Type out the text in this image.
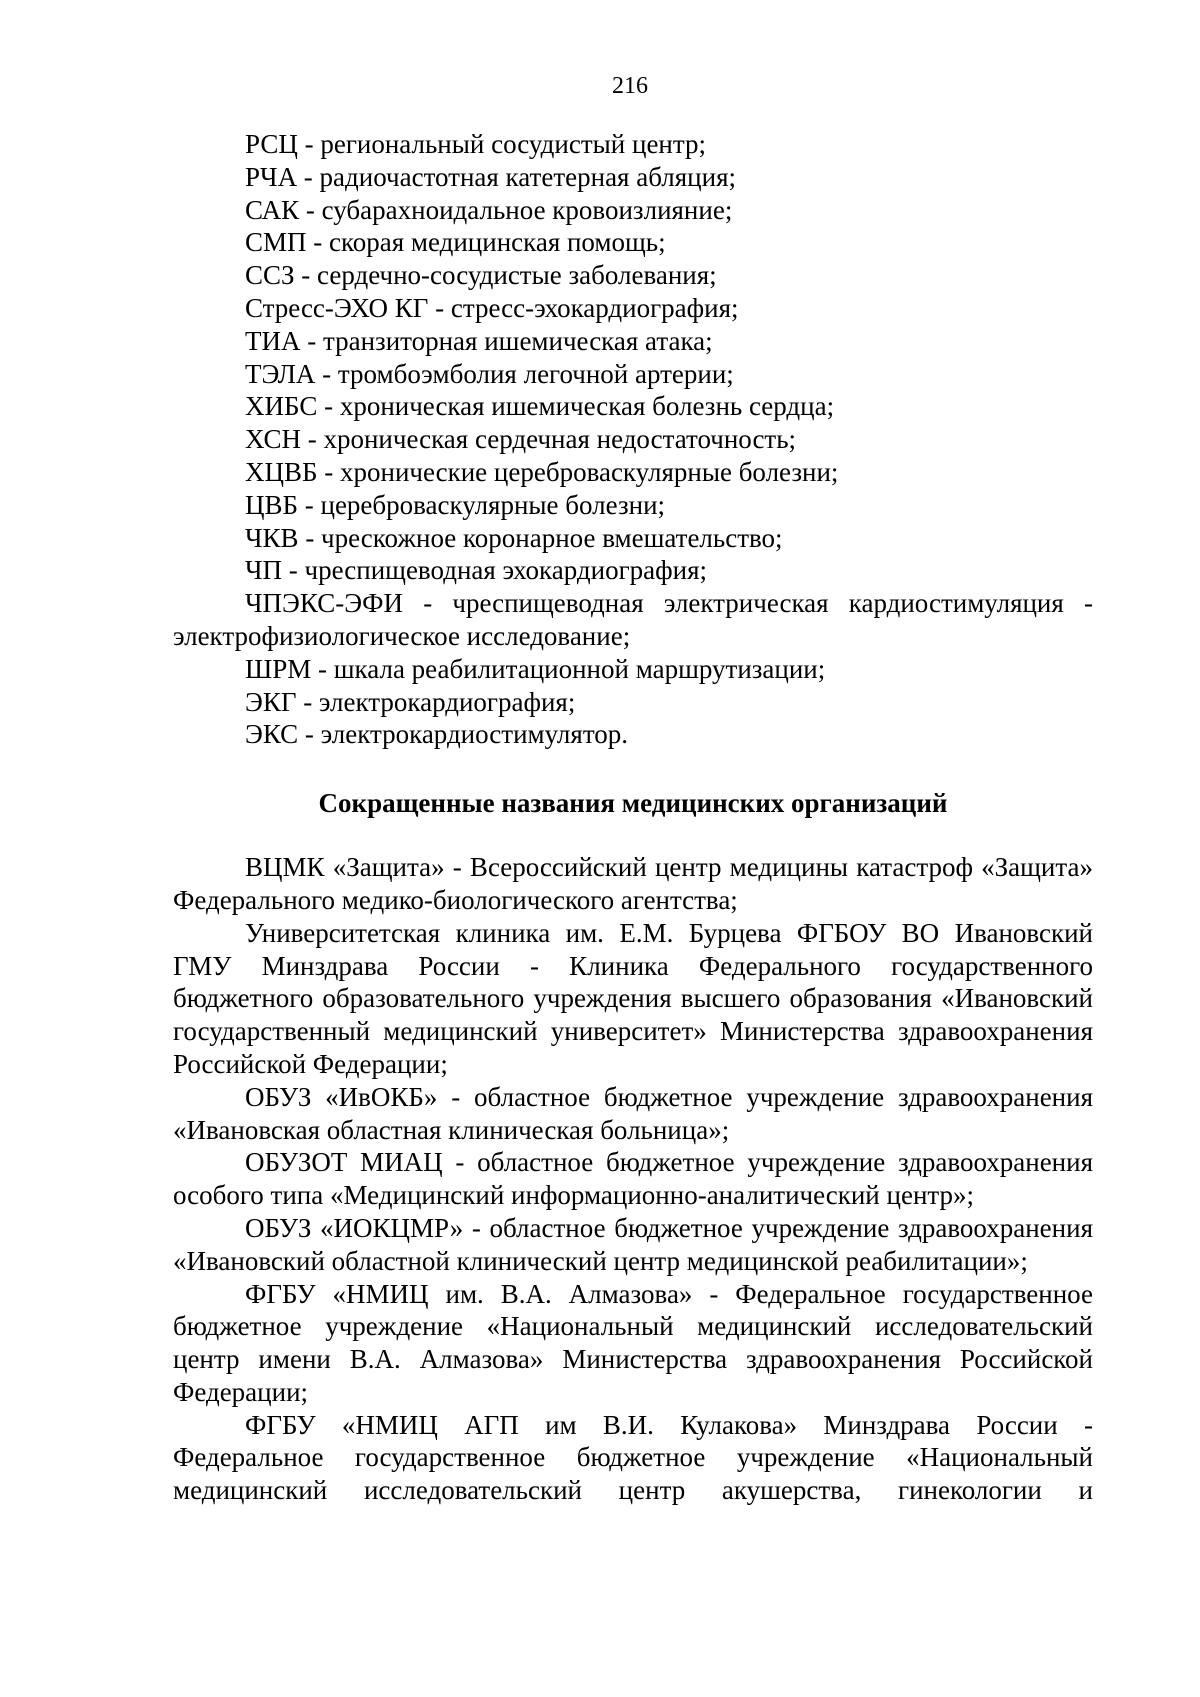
216

РСЦ - региональный сосудистый центр;

РЧА - радиочастотная катетерная абляция;

САК - субарахноидальное кровоизлияние;

СМП - скорая медицинская помощь;

ССЗ - сердечно-сосудистые заболевания;

Стресс-ЭХО КГ - стресс-эхокардиография;

ТИА - транзиторная ишемическая атака;

ТЭЛА - тромбоэмболия легочной артерии;

ХИБС - хроническая ишемическая болезнь сердца;

ХСН - хроническая сердечная недостаточность;

ХЦВБ - хронические цереброваскулярные болезни;

ЦВБ - цереброваскулярные болезни;

ЧКВ - чрескожное коронарное вмешательство;

ЧП - чреспищеводная эхокардиография;

ЧПЭКС-ЭФИ - чреспищеводная электрическая кардиостимуляция - электрофизиологическое исследование;

ШРМ - шкала реабилитационной маршрутизации;

ЭКГ - электрокардиография;

ЭКС - электрокардиостимулятор.

Сокращенные названия медицинских организаций

ВЦМК «Защита» - Всероссийский центр медицины катастроф «Защита» Федерального медико-биологического агентства;

Университетская клиника им. Е.М. Бурцева ФГБОУ ВО Ивановский ГМУ Минздрава России - Клиника Федерального государственного бюджетного образовательного учреждения высшего образования «Ивановский государственный медицинский университет» Министерства здравоохранения Российской Федерации;

ОБУЗ «ИвОКБ» - областное бюджетное учреждение здравоохранения «Ивановская областная клиническая больница»;

ОБУЗОТ МИАЦ - областное бюджетное учреждение здравоохранения особого типа «Медицинский информационно-аналитический центр»;

ОБУЗ «ИОКЦМР» - областное бюджетное учреждение здравоохранения «Ивановский областной клинический центр медицинской реабилитации»;

ФГБУ «НМИЦ им. В.А. Алмазова» - Федеральное государственное бюджетное учреждение «Национальный медицинский исследовательский центр имени В.А. Алмазова» Министерства здравоохранения Российской Федерации;

ФГБУ «НМИЦ АГП им В.И. Кулакова» Минздрава России - Федеральное государственное бюджетное учреждение «Национальный медицинский исследовательский центр акушерства, гинекологии и
